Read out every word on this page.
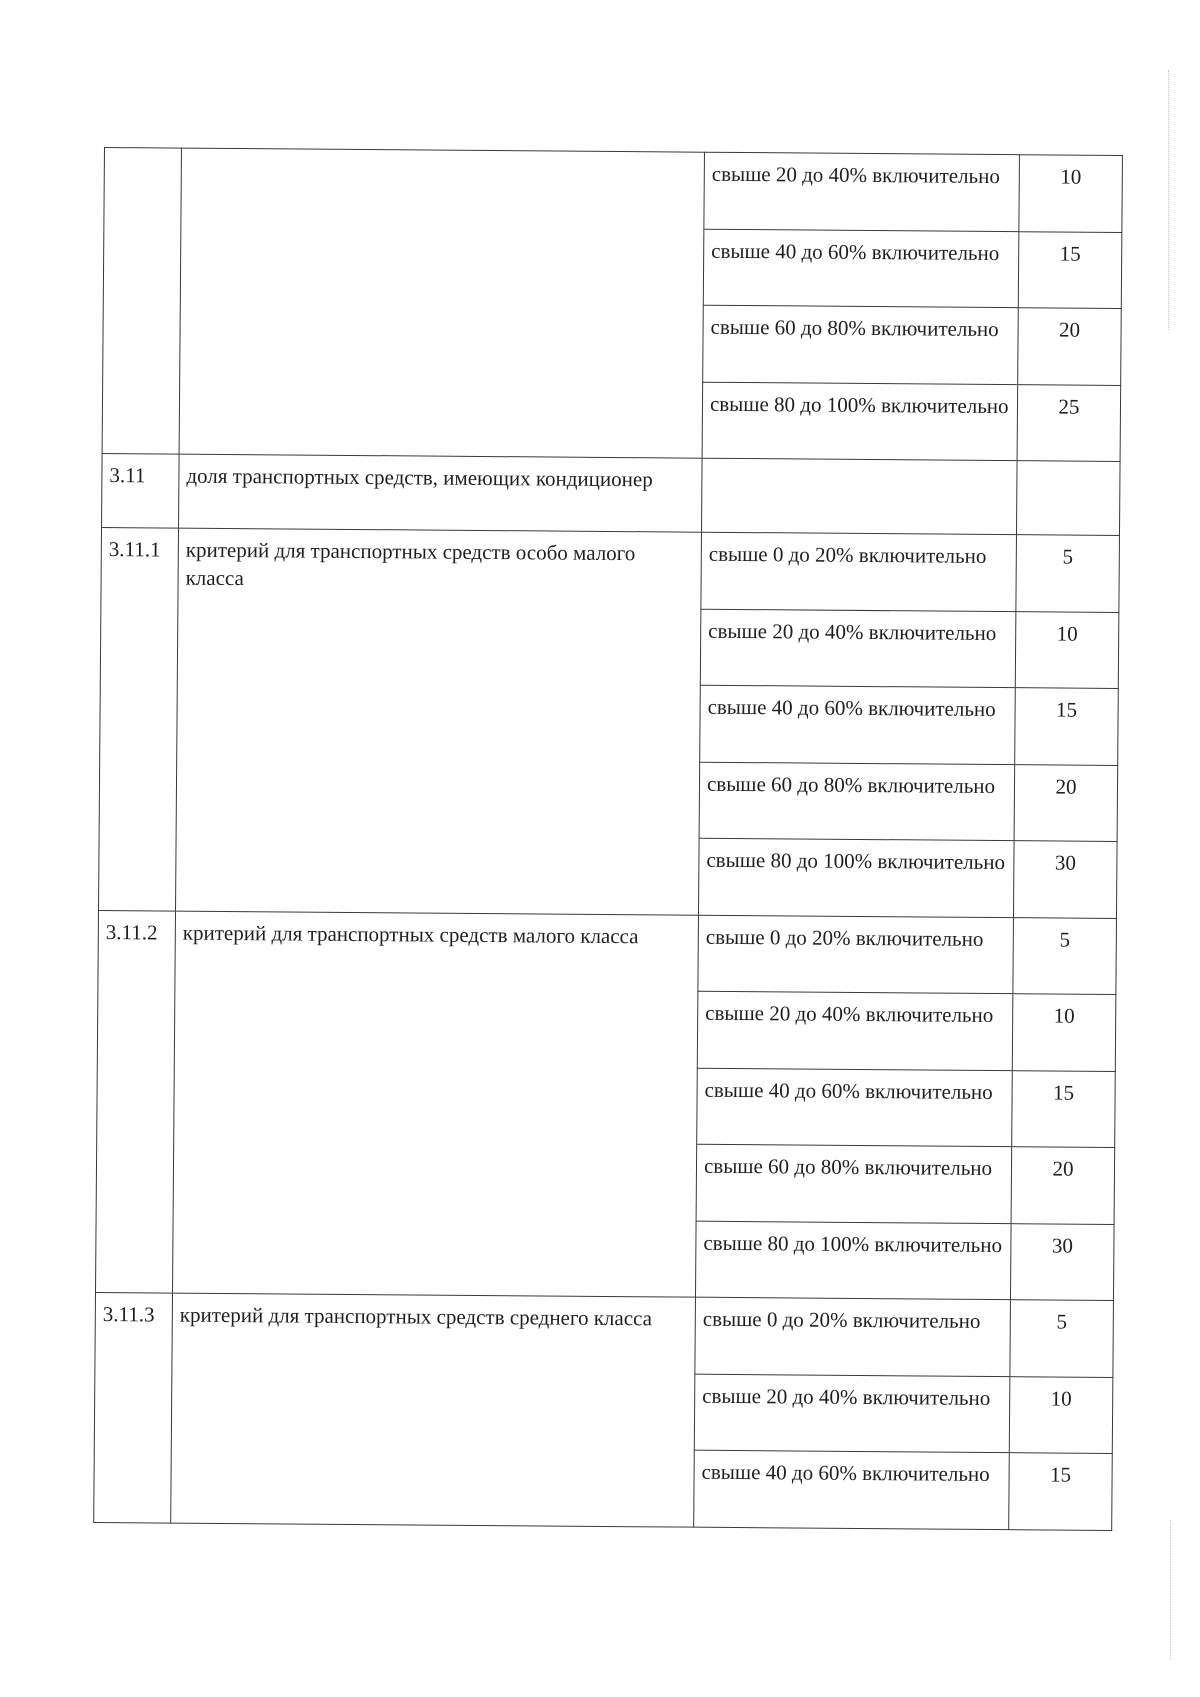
		свыше 20 до 40% включительно	10
		свыше 40 до 60% включительно	15
		свыше 60 до 80% включительно	20
		свыше 80 до 100% включительно	25
3.11	доля транспортных средств, имеющих кондиционер		
3.11.1	критерий для транспортных средств особо малого класса	свыше 0 до 20% включительно	5
		свыше 20 до 40% включительно	10
		свыше 40 до 60% включительно	15
		свыше 60 до 80% включительно	20
		свыше 80 до 100% включительно	30
3.11.2	критерий для транспортных средств малого класса	свыше 0 до 20% включительно	5
		свыше 20 до 40% включительно	10
		свыше 40 до 60% включительно	15
		свыше 60 до 80% включительно	20
		свыше 80 до 100% включительно	30
3.11.3	критерий для транспортных средств среднего класса	свыше 0 до 20% включительно	5
		свыше 20 до 40% включительно	10
		свыше 40 до 60% включительно	15
